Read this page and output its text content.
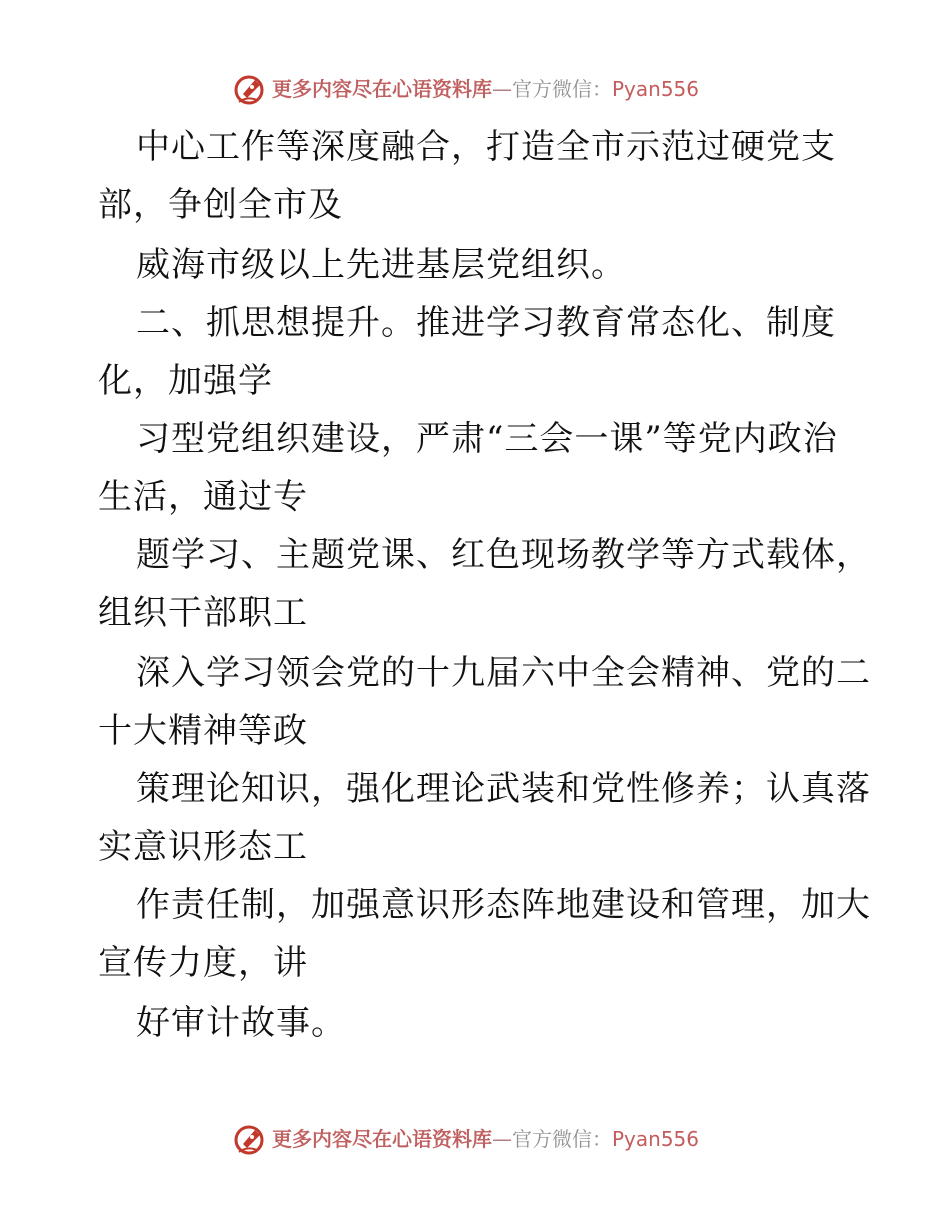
更多内容尽在心语资料库—官方微信：Pyan556
中心工作等深度融合，打造全市示范过硬党支
部，争创全市及
威海市级以上先进基层党组织。
二、抓思想提升。推进学习教育常态化、制度
化，加强学
习型党组织建设，严肃“三会一课”等党内政治
生活，通过专
题学习、主题党课、红色现场教学等方式载体，
组织干部职工
深入学习领会党的十九届六中全会精神、党的二
十大精神等政
策理论知识，强化理论武装和党性修养；认真落
实意识形态工
作责任制，加强意识形态阵地建设和管理，加大
宣传力度，讲
好审计故事。
更多内容尽在心语资料库—官方微信：Pyan556
